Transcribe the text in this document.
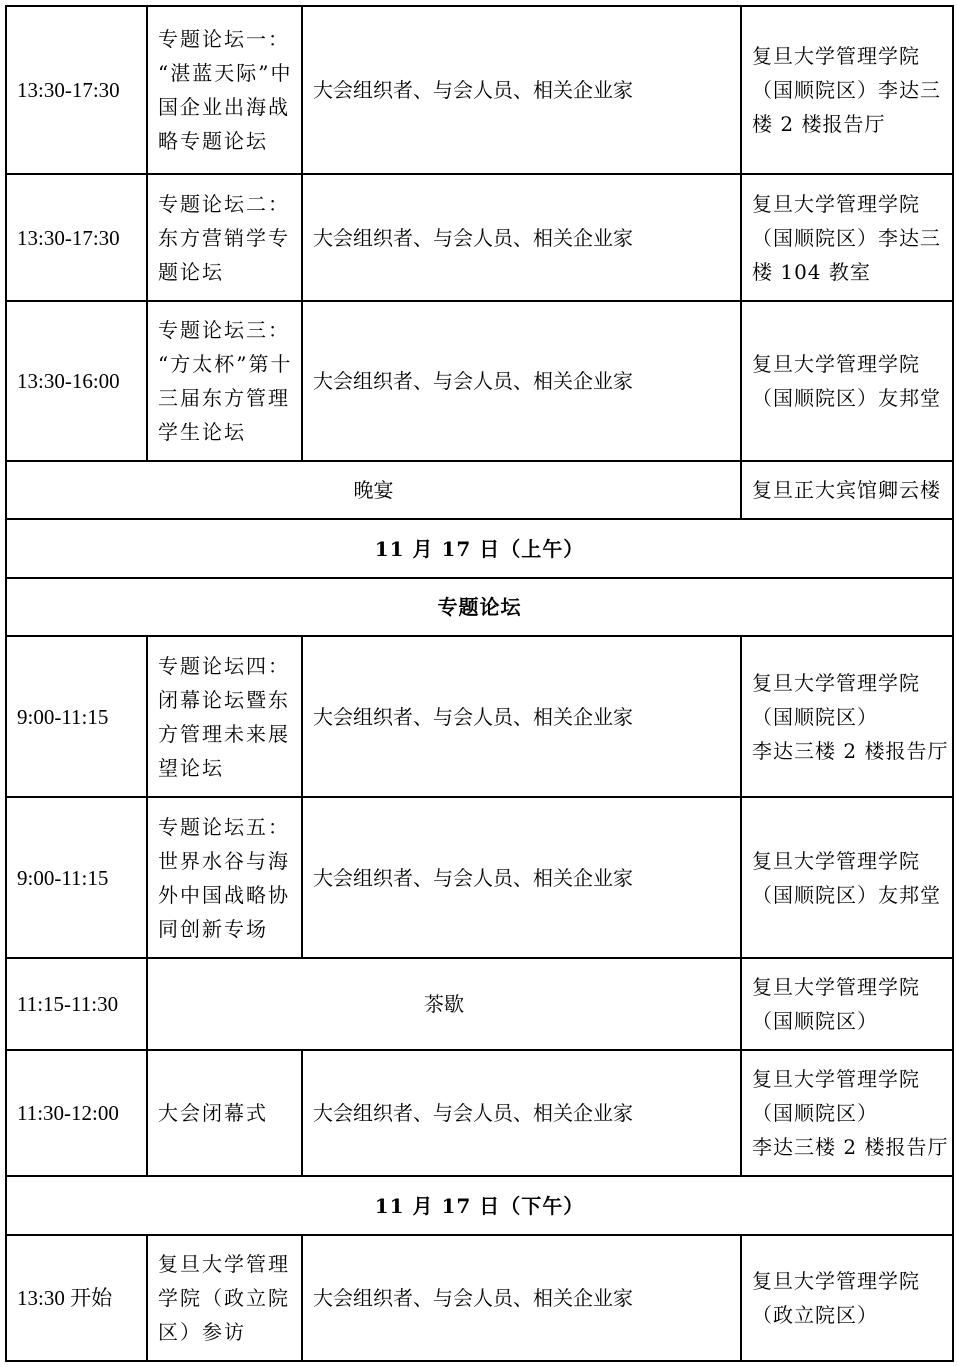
13:30-17:30	专题论坛一：
“湛蓝天际”中
国企业出海战
略专题论坛	大会组织者、与会人员、相关企业家	复旦大学管理学院
（国顺院区）李达三
楼 2 楼报告厅

13:30-17:30	专题论坛二：
东方营销学专
题论坛	大会组织者、与会人员、相关企业家	复旦大学管理学院
（国顺院区）李达三
楼 104 教室

13:30-16:00	专题论坛三：
“方太杯”第十
三届东方管理
学生论坛	大会组织者、与会人员、相关企业家	复旦大学管理学院
（国顺院区）友邦堂

晚宴			复旦正大宾馆卿云楼

11 月 17 日（上午）			
专题论坛			
9:00-11:15	专题论坛四：
闭幕论坛暨东
方管理未来展
望论坛	大会组织者、与会人员、相关企业家	复旦大学管理学院
（国顺院区）
李达三楼 2 楼报告厅

9:00-11:15	专题论坛五：
世界水谷与海
外中国战略协
同创新专场	大会组织者、与会人员、相关企业家	复旦大学管理学院
（国顺院区）友邦堂

11:15-11:30	茶歇		复旦大学管理学院
（国顺院区）

11:30-12:00	大会闭幕式	大会组织者、与会人员、相关企业家	复旦大学管理学院
（国顺院区）
李达三楼 2 楼报告厅

11 月 17 日（下午）			
13:30 开始	复旦大学管理
学院（政立院
区）参访	大会组织者、与会人员、相关企业家	复旦大学管理学院
（政立院区）
